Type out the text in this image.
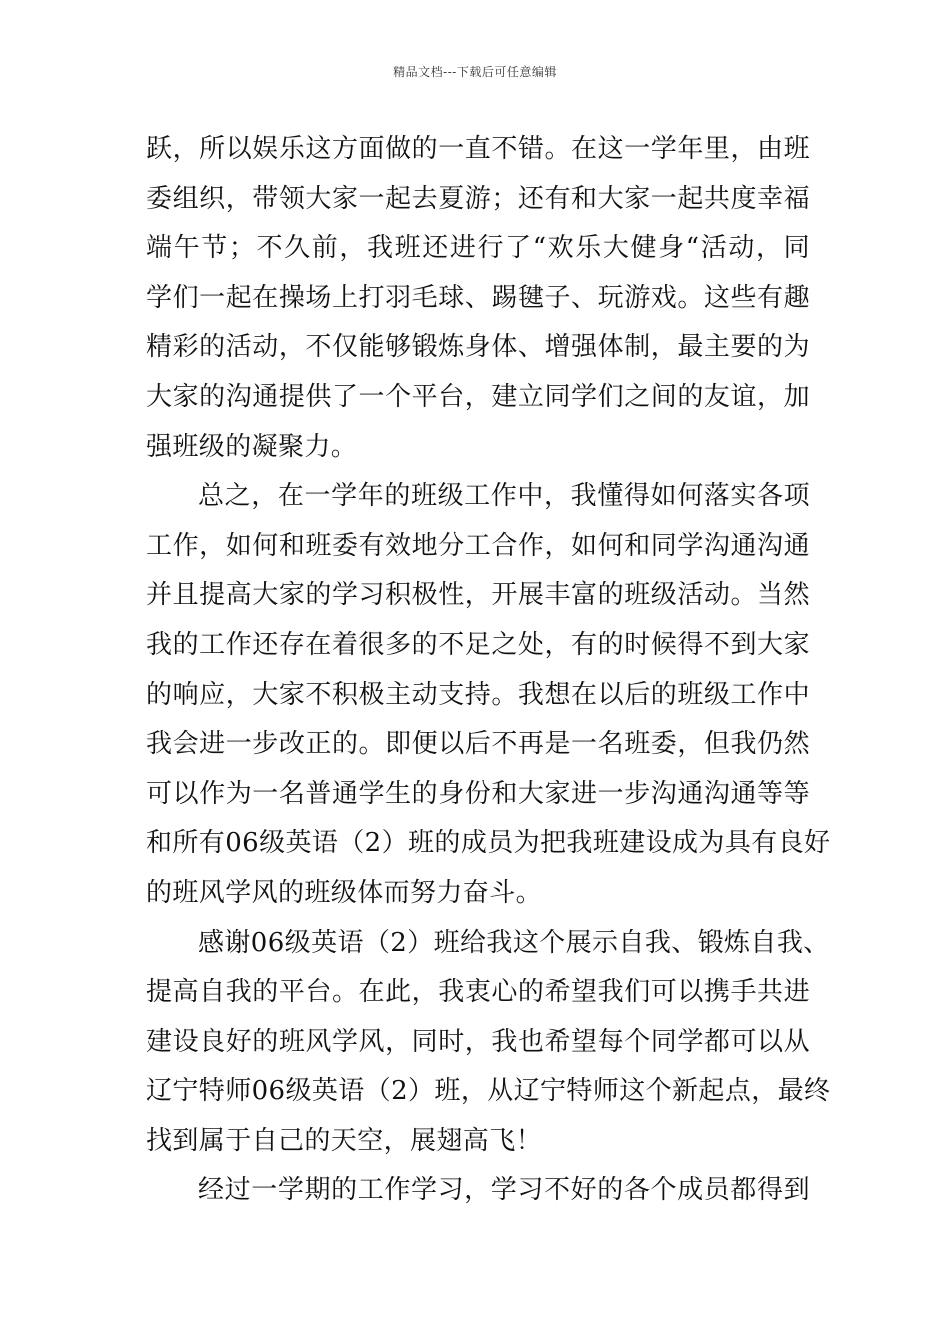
精品文档---下载后可任意编辑
跃，所以娱乐这方面做的一直不错。在这一学年里，由班
委组织，带领大家一起去夏游；还有和大家一起共度幸福
端午节；不久前，我班还进行了“欢乐大健身“活动，同
学们一起在操场上打羽毛球、踢毽子、玩游戏。这些有趣
精彩的活动，不仅能够锻炼身体、增强体制，最主要的为
大家的沟通提供了一个平台，建立同学们之间的友谊，加
强班级的凝聚力。
总之，在一学年的班级工作中，我懂得如何落实各项
工作，如何和班委有效地分工合作，如何和同学沟通沟通
并且提高大家的学习积极性，开展丰富的班级活动。当然
我的工作还存在着很多的不足之处，有的时候得不到大家
的响应，大家不积极主动支持。我想在以后的班级工作中
我会进一步改正的。即便以后不再是一名班委，但我仍然
可以作为一名普通学生的身份和大家进一步沟通沟通等等
和所有06级英语（2）班的成员为把我班建设成为具有良好
的班风学风的班级体而努力奋斗。
感谢06级英语（2）班给我这个展示自我、锻炼自我、
提高自我的平台。在此，我衷心的希望我们可以携手共进
建设良好的班风学风，同时，我也希望每个同学都可以从
辽宁特师06级英语（2）班，从辽宁特师这个新起点，最终
找到属于自己的天空，展翅高飞！
经过一学期的工作学习，学习不好的各个成员都得到
